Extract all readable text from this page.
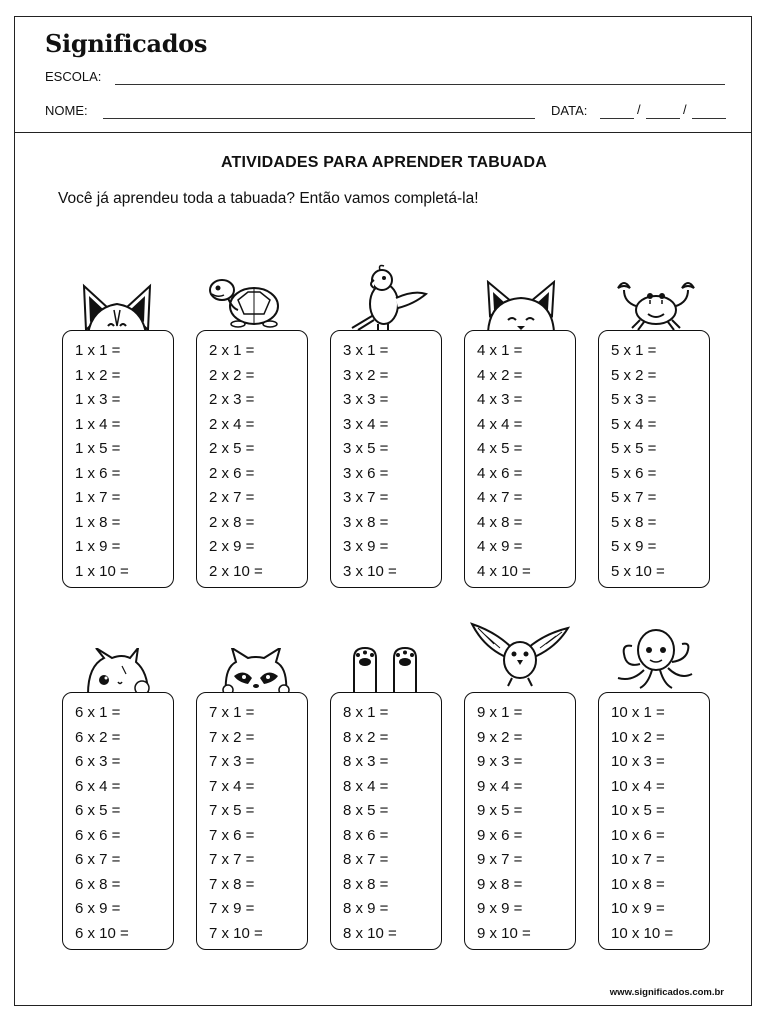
Significados
ESCOLA:
NOME:	DATA:	/	/
ATIVIDADES PARA APRENDER TABUADA
Você já aprendeu toda a tabuada? Então vamos completá-la!
1 x 1 =
1 x 2 =
1 x 3 =
1 x 4 =
1 x 5 =
1 x 6 =
1 x 7 =
1 x 8 =
1 x 9 =
1 x 10 =
2 x 1 =
2 x 2 =
2 x 3 =
2 x 4 =
2 x 5 =
2 x 6 =
2 x 7 =
2 x 8 =
2 x 9 =
2 x 10 =
3 x 1 =
3 x 2 =
3 x 3 =
3 x 4 =
3 x 5 =
3 x 6 =
3 x 7 =
3 x 8 =
3 x 9 =
3 x 10 =
4 x 1 =
4 x 2 =
4 x 3 =
4 x 4 =
4 x 5 =
4 x 6 =
4 x 7 =
4 x 8 =
4 x 9 =
4 x 10 =
5 x 1 =
5 x 2 =
5 x 3 =
5 x 4 =
5 x 5 =
5 x 6 =
5 x 7 =
5 x 8 =
5 x 9 =
5 x 10 =
6 x 1 =
6 x 2 =
6 x 3 =
6 x 4 =
6 x 5 =
6 x 6 =
6 x 7 =
6 x 8 =
6 x 9 =
6 x 10 =
7 x 1 =
7 x 2 =
7 x 3 =
7 x 4 =
7 x 5 =
7 x 6 =
7 x 7 =
7 x 8 =
7 x 9 =
7 x 10 =
8 x 1 =
8 x 2 =
8 x 3 =
8 x 4 =
8 x 5 =
8 x 6 =
8 x 7 =
8 x 8 =
8 x 9 =
8 x 10 =
9 x 1 =
9 x 2 =
9 x 3 =
9 x 4 =
9 x 5 =
9 x 6 =
9 x 7 =
9 x 8 =
9 x 9 =
9 x 10 =
10 x 1 =
10 x 2 =
10 x 3 =
10 x 4 =
10 x 5 =
10 x 6 =
10 x 7 =
10 x 8 =
10 x 9 =
10 x 10 =
www.significados.com.br
